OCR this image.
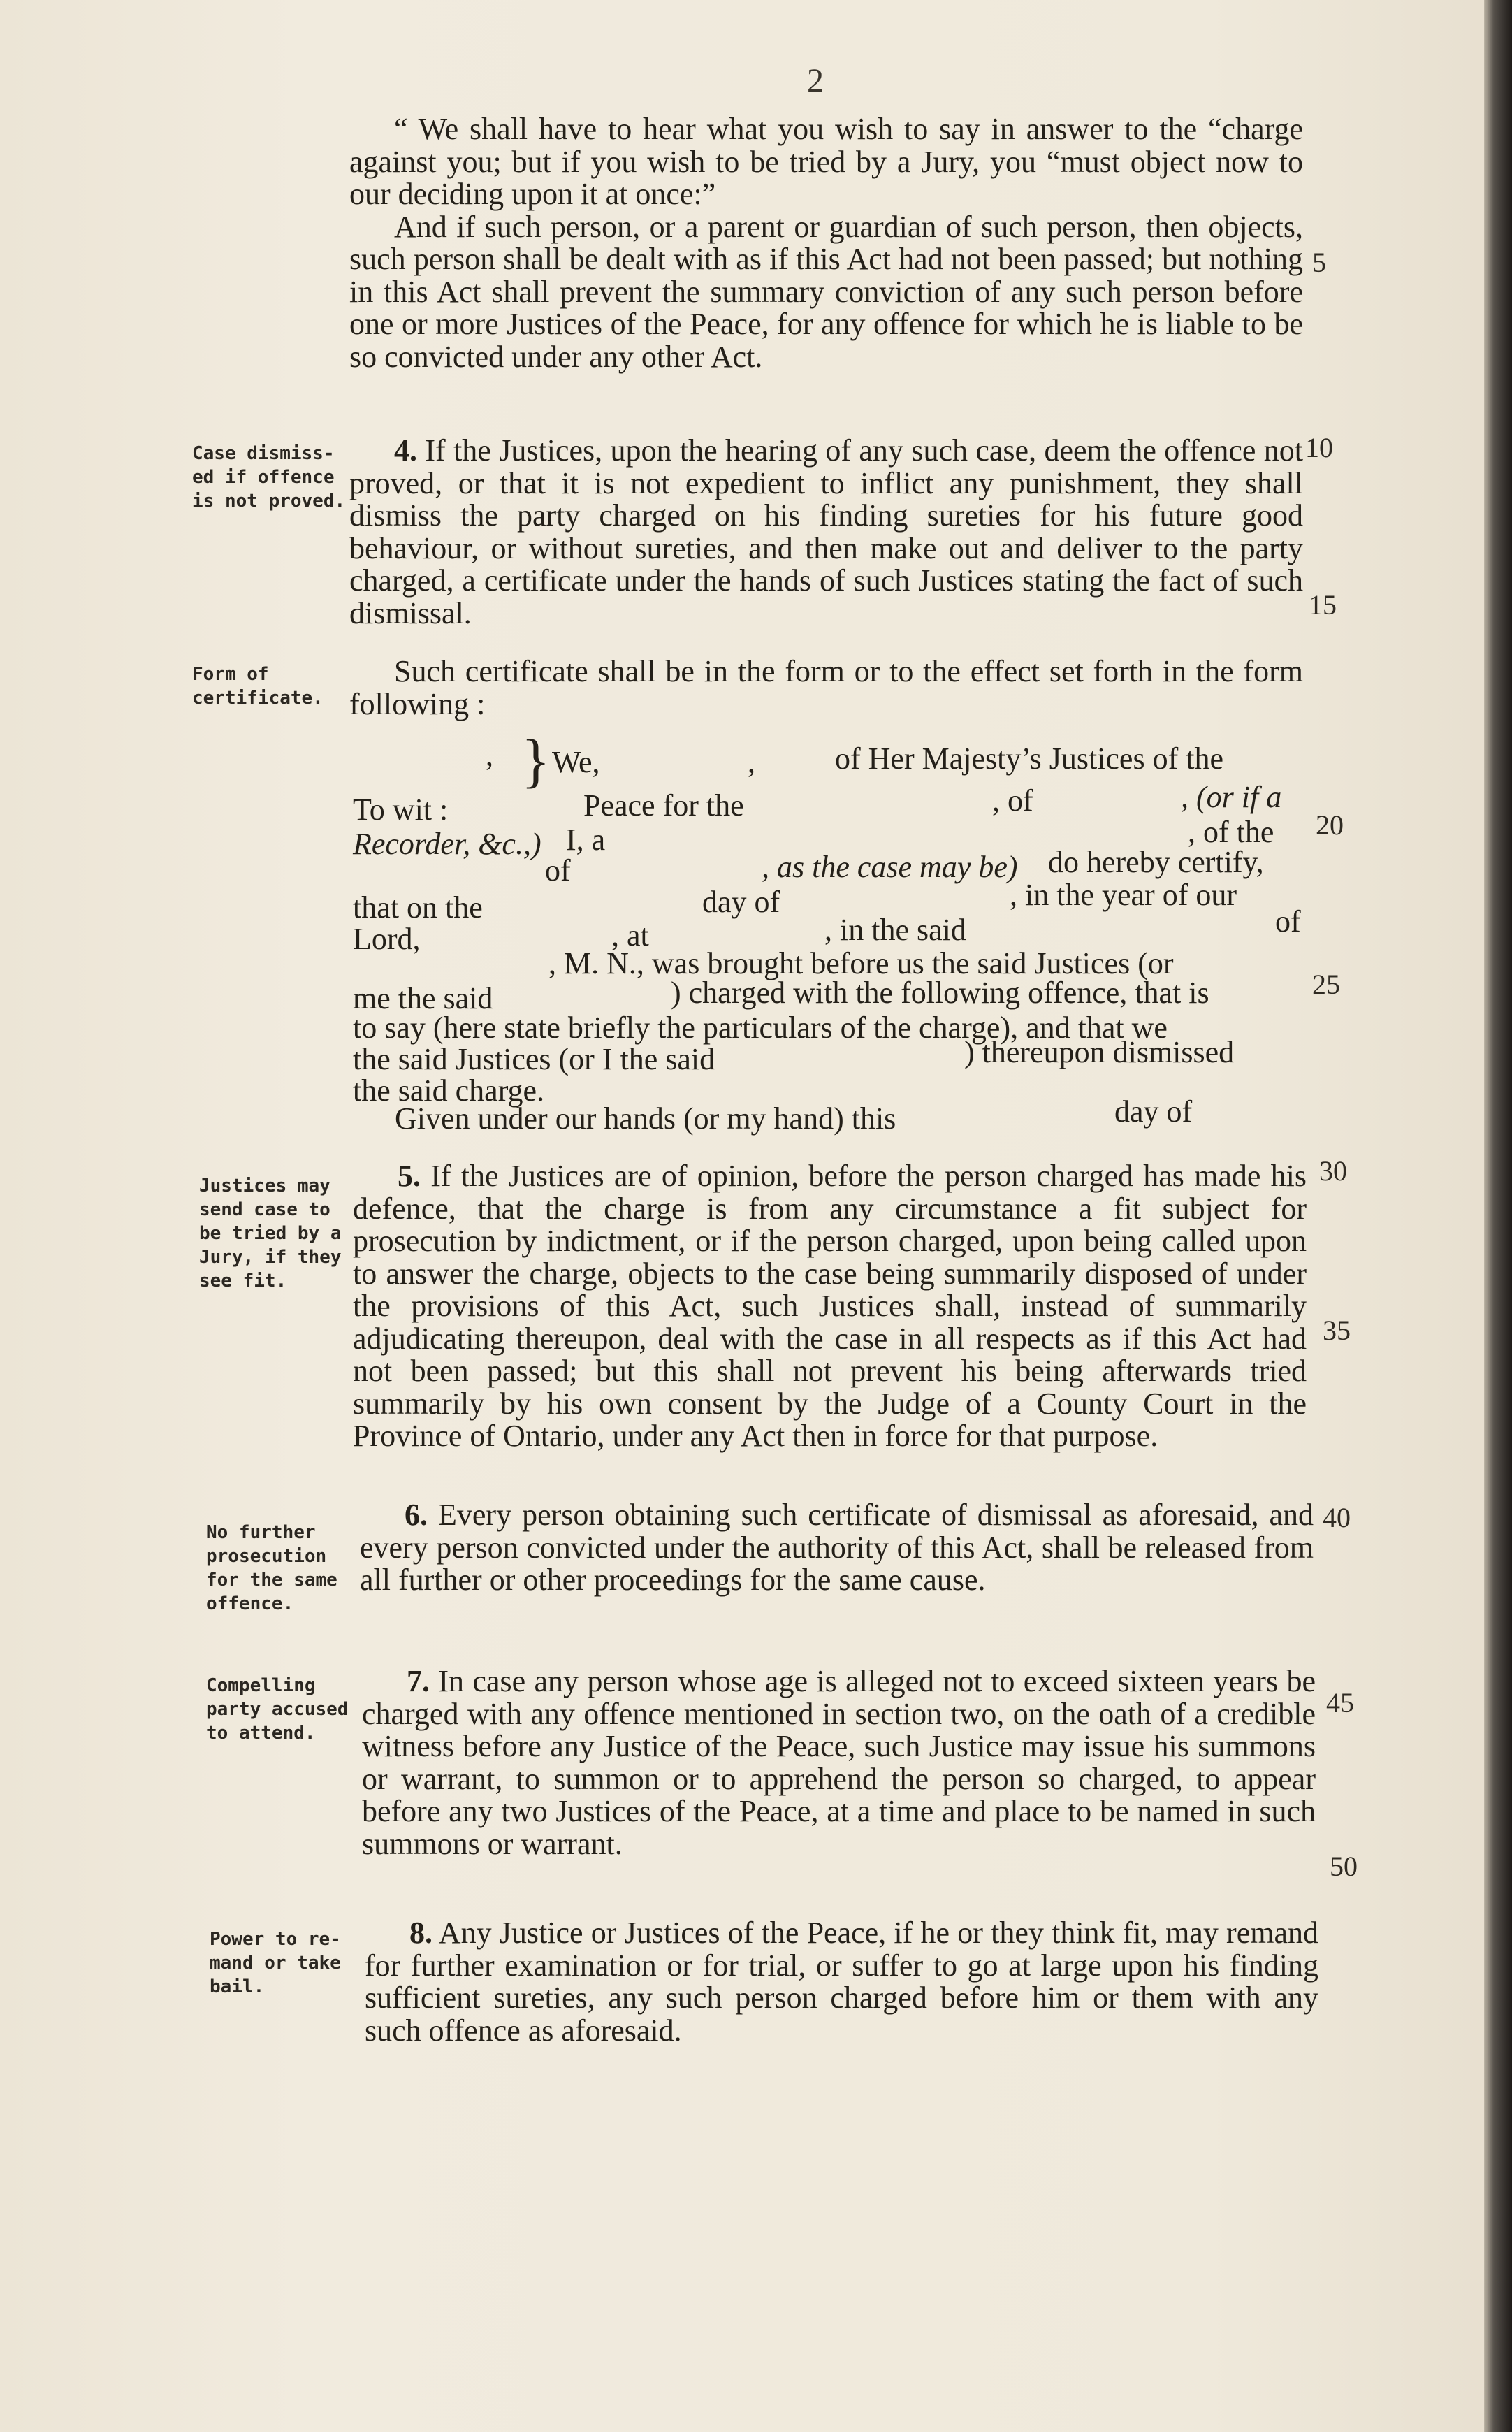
2
5
10
15
20
25
30
35
40
45
50
Case dismiss-
ed if offence
is not proved.
Form of
certificate.
Justices may
send case to
be tried by a
Jury, if they
see fit.
No further
prosecution
for the same
offence.
Compelling
party accused
to attend.
Power to re-
mand or take
bail.

“ We shall have to hear what you wish to say in answer to the “charge against you; but if you wish to be tried by a Jury, you “must object now to our deciding upon it at once:”

And if such person, or a parent or guardian of such person, then objects, such person shall be dealt with as if this Act had not been passed; but nothing in this Act shall prevent the summary conviction of any such person before one or more Justices of the Peace, for any offence for which he is liable to be so convicted under any other Act.

4. If the Justices, upon the hearing of any such case, deem the offence not proved, or that it is not expedient to inflict any punishment, they shall dismiss the party charged on his finding sureties for his future good behaviour, or without sureties, and then make out and deliver to the party charged, a certificate under the hands of such Justices stating the fact of such dismissal.

Such certificate shall be in the form or to the effect set forth in the form following :

, } We,	,	of Her Majesty’s Justices of the
To wit :	Peace for the	, of	, (or if a
Recorder, &c.,) I, a	, of the
of	, as the case may be) do hereby certify,
that on the	day of	, in the year of our
Lord,	, at	, in the said	of
, M. N., was brought before us the said Justices (or
me the said	) charged with the following offence, that is
to say (here state briefly the particulars of the charge), and that we
the said Justices (or I the said	) thereupon dismissed
the said charge.
Given under our hands (or my hand) this	day of

5. If the Justices are of opinion, before the person charged has made his defence, that the charge is from any circumstance a fit subject for prosecution by indictment, or if the person charged, upon being called upon to answer the charge, objects to the case being summarily disposed of under the provisions of this Act, such Justices shall, instead of summarily adjudicating thereupon, deal with the case in all respects as if this Act had not been passed; but this shall not prevent his being afterwards tried summarily by his own consent by the Judge of a County Court in the Province of Ontario, under any Act then in force for that purpose.

6. Every person obtaining such certificate of dismissal as aforesaid, and every person convicted under the authority of this Act, shall be released from all further or other proceedings for the same cause.

7. In case any person whose age is alleged not to exceed sixteen years be charged with any offence mentioned in section two, on the oath of a credible witness before any Justice of the Peace, such Justice may issue his summons or warrant, to summon or to apprehend the person so charged, to appear before any two Justices of the Peace, at a time and place to be named in such summons or warrant.

8. Any Justice or Justices of the Peace, if he or they think fit, may remand for further examination or for trial, or suffer to go at large upon his finding sufficient sureties, any such person charged before him or them with any such offence as aforesaid.
